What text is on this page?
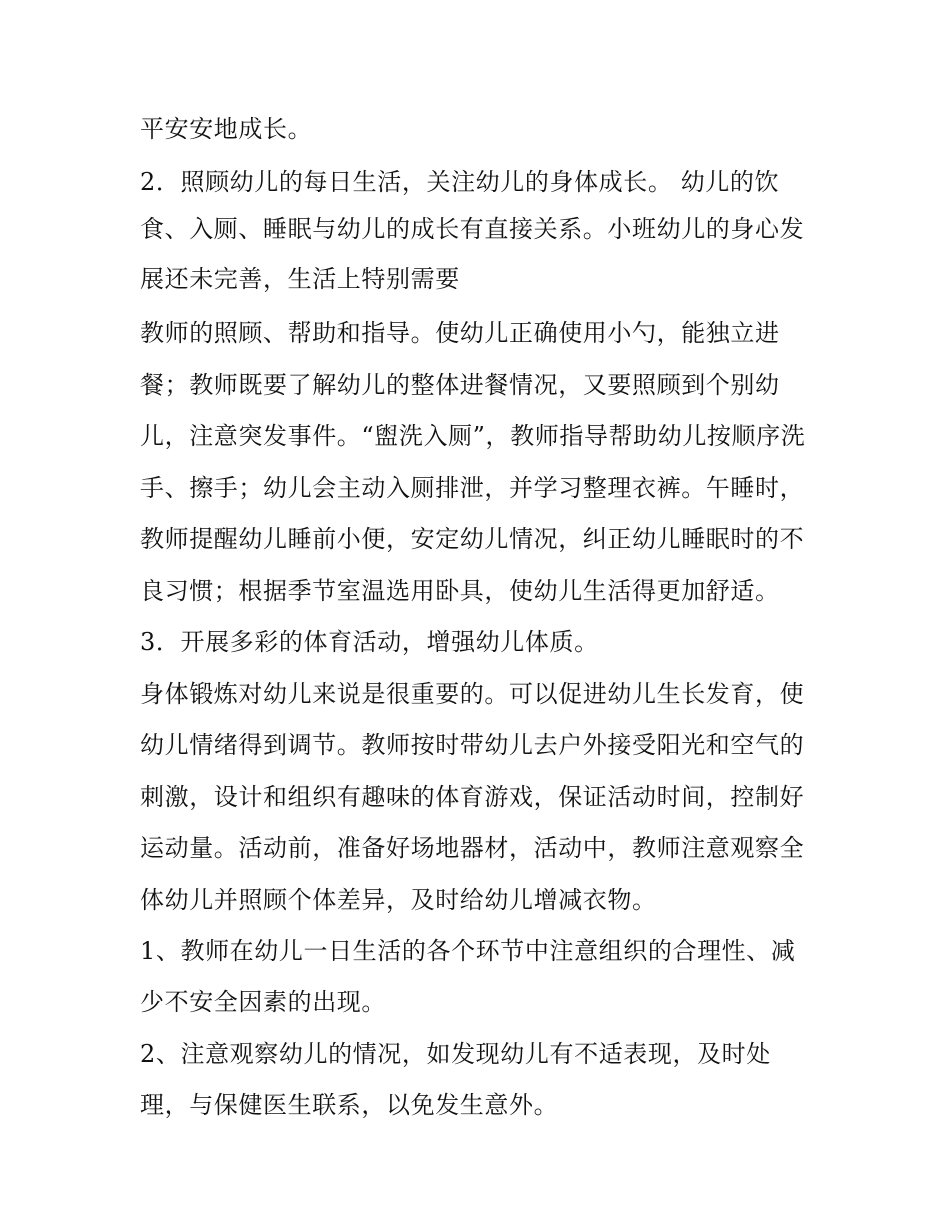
平安安地成长。
2．照顾幼儿的每日生活，关注幼儿的身体成长。 幼儿的饮
食、入厕、睡眠与幼儿的成长有直接关系。小班幼儿的身心发
展还未完善，生活上特别需要
教师的照顾、帮助和指导。使幼儿正确使用小勺，能独立进
餐；教师既要了解幼儿的整体进餐情况，又要照顾到个别幼
儿，注意突发事件。“盥洗入厕”，教师指导帮助幼儿按顺序洗
手、擦手；幼儿会主动入厕排泄，并学习整理衣裤。午睡时，
教师提醒幼儿睡前小便，安定幼儿情况，纠正幼儿睡眠时的不
良习惯；根据季节室温选用卧具，使幼儿生活得更加舒适。
3．开展多彩的体育活动，增强幼儿体质。
身体锻炼对幼儿来说是很重要的。可以促进幼儿生长发育，使
幼儿情绪得到调节。教师按时带幼儿去户外接受阳光和空气的
刺激，设计和组织有趣味的体育游戏，保证活动时间，控制好
运动量。活动前，准备好场地器材，活动中，教师注意观察全
体幼儿并照顾个体差异，及时给幼儿增减衣物。
1、教师在幼儿一日生活的各个环节中注意组织的合理性、减
少不安全因素的出现。
2、注意观察幼儿的情况，如发现幼儿有不适表现，及时处
理，与保健医生联系，以免发生意外。
